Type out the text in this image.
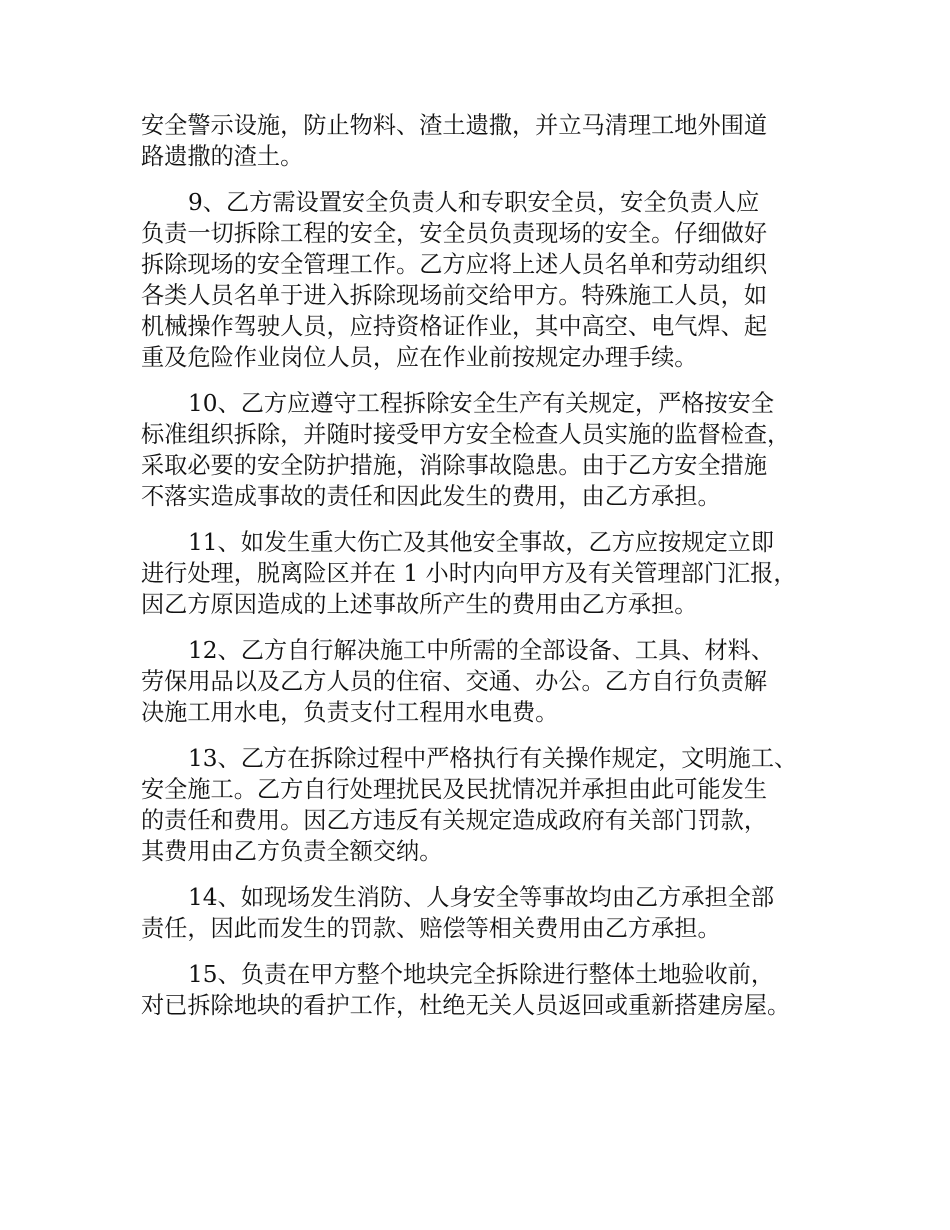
安全警示设施，防止物料、渣土遗撒，并立马清理工地外围道
路遗撒的渣土。
9、乙方需设置安全负责人和专职安全员，安全负责人应
负责一切拆除工程的安全，安全员负责现场的安全。仔细做好
拆除现场的安全管理工作。乙方应将上述人员名单和劳动组织
各类人员名单于进入拆除现场前交给甲方。特殊施工人员，如
机械操作驾驶人员，应持资格证作业，其中高空、电气焊、起
重及危险作业岗位人员，应在作业前按规定办理手续。
10、乙方应遵守工程拆除安全生产有关规定，严格按安全
标准组织拆除，并随时接受甲方安全检查人员实施的监督检查，
采取必要的安全防护措施，消除事故隐患。由于乙方安全措施
不落实造成事故的责任和因此发生的费用，由乙方承担。
11、如发生重大伤亡及其他安全事故，乙方应按规定立即
进行处理，脱离险区并在 1 小时内向甲方及有关管理部门汇报，
因乙方原因造成的上述事故所产生的费用由乙方承担。
12、乙方自行解决施工中所需的全部设备、工具、材料、
劳保用品以及乙方人员的住宿、交通、办公。乙方自行负责解
决施工用水电，负责支付工程用水电费。
13、乙方在拆除过程中严格执行有关操作规定，文明施工、
安全施工。乙方自行处理扰民及民扰情况并承担由此可能发生
的责任和费用。因乙方违反有关规定造成政府有关部门罚款，
其费用由乙方负责全额交纳。
14、如现场发生消防、人身安全等事故均由乙方承担全部
责任，因此而发生的罚款、赔偿等相关费用由乙方承担。
15、负责在甲方整个地块完全拆除进行整体土地验收前，
对已拆除地块的看护工作，杜绝无关人员返回或重新搭建房屋。
